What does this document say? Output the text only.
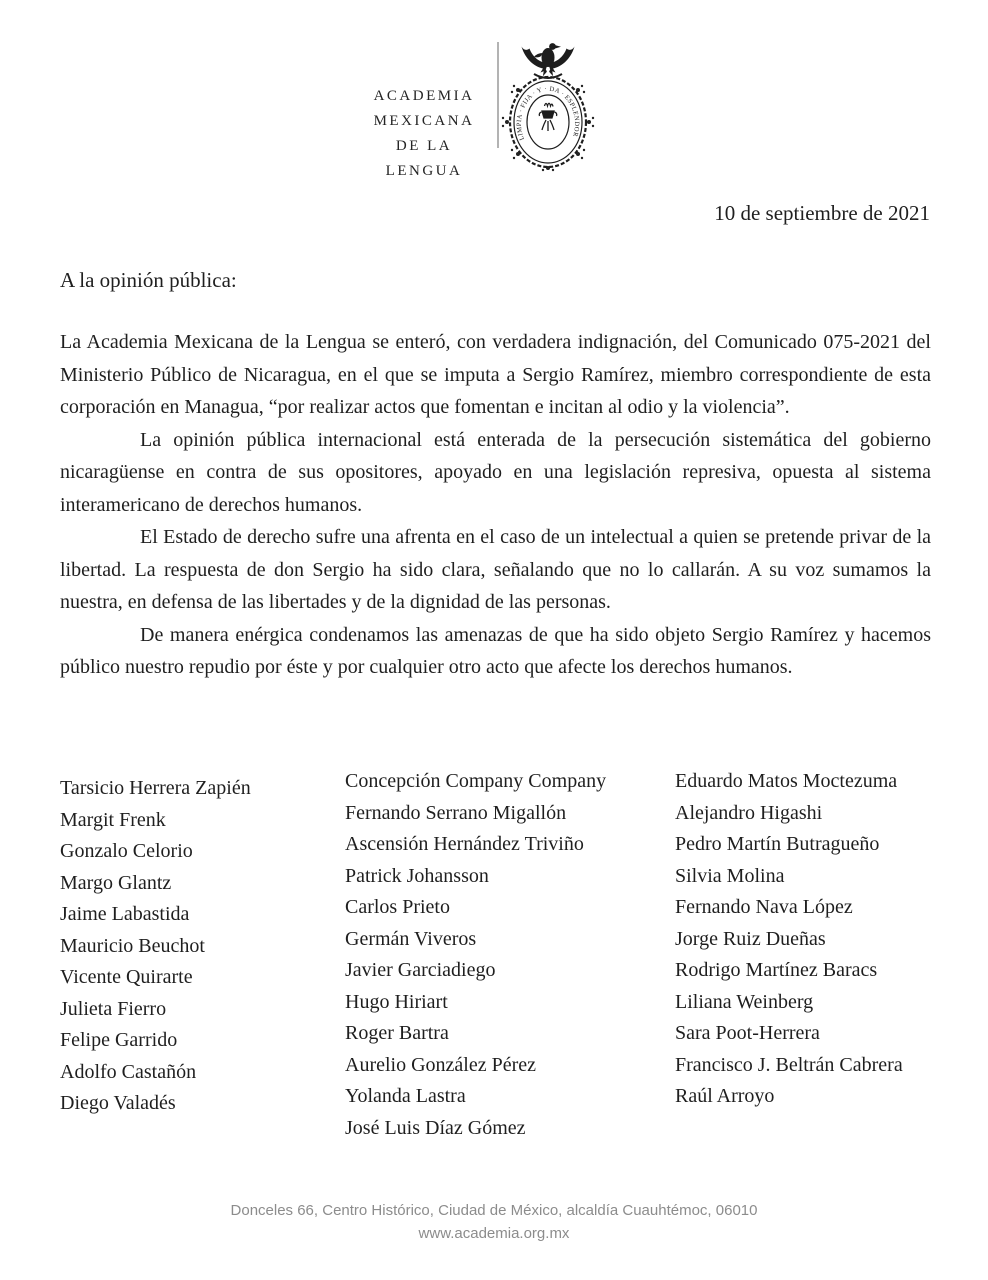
ACADEMIA
MEXICANA
DE LA
LENGUA
LIMPIA · FIJA · Y · DA · ESPLENDOR
10 de septiembre de 2021
A la opinión pública:

La Academia Mexicana de la Lengua se enteró, con verdadera indignación, del Comunicado 075-2021 del Ministerio Público de Nicaragua, en el que se imputa a Sergio Ramírez, miembro correspondiente de esta corporación en Managua, “por realizar actos que fomentan e incitan al odio y la violencia”.

La opinión pública internacional está enterada de la persecución sistemática del gobierno nicaragüense en contra de sus opositores, apoyado en una legislación represiva, opuesta al sistema interamericano de derechos humanos.

El Estado de derecho sufre una afrenta en el caso de un intelectual a quien se pretende privar de la libertad. La respuesta de don Sergio ha sido clara, señalando que no lo callarán. A su voz sumamos la nuestra, en defensa de las libertades y de la dignidad de las personas.

De manera enérgica condenamos las amenazas de que ha sido objeto Sergio Ramírez y hacemos público nuestro repudio por éste y por cualquier otro acto que afecte los derechos humanos.

Tarsicio Herrera Zapién
Margit Frenk
Gonzalo Celorio
Margo Glantz
Jaime Labastida
Mauricio Beuchot
Vicente Quirarte
Julieta Fierro
Felipe Garrido
Adolfo Castañón
Diego Valadés
Concepción Company Company
Fernando Serrano Migallón
Ascensión Hernández Triviño
Patrick Johansson
Carlos Prieto
Germán Viveros
Javier Garciadiego
Hugo Hiriart
Roger Bartra
Aurelio González Pérez
Yolanda Lastra
José Luis Díaz Gómez
Eduardo Matos Moctezuma
Alejandro Higashi
Pedro Martín Butragueño
Silvia Molina
Fernando Nava López
Jorge Ruiz Dueñas
Rodrigo Martínez Baracs
Liliana Weinberg
Sara Poot-Herrera
Francisco J. Beltrán Cabrera
Raúl Arroyo
Donceles 66, Centro Histórico, Ciudad de México, alcaldía Cuauhtémoc, 06010
www.academia.org.mx
